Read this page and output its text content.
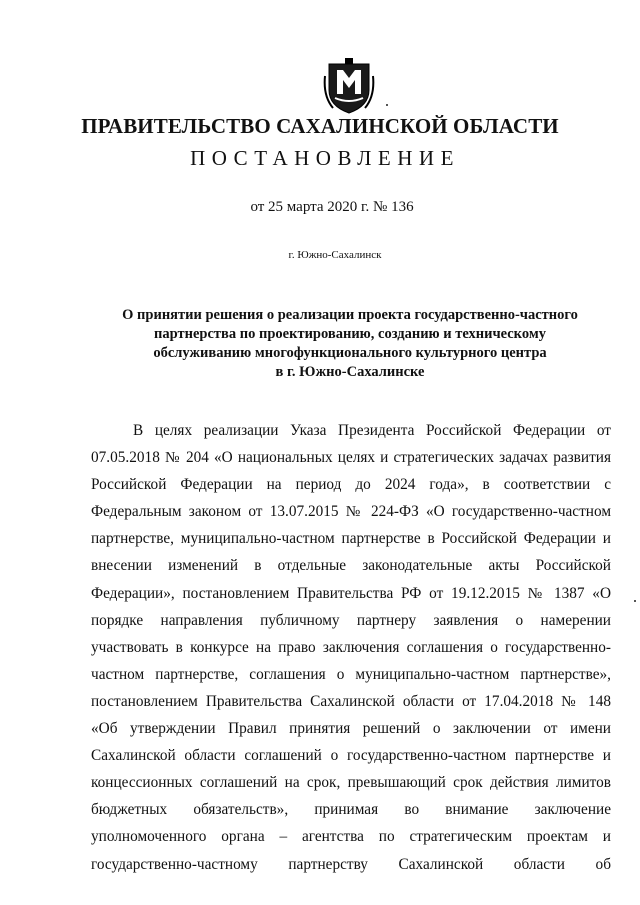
ПРАВИТЕЛЬСТВО САХАЛИНСКОЙ ОБЛАСТИ
ПОСТАНОВЛЕНИЕ
от 25 марта 2020 г. № 136
г. Южно-Сахалинск
О принятии решения о реализации проекта государственно-частного
партнерства по проектированию, созданию и техническому
обслуживанию многофункционального культурного центра
в г. Южно-Сахалинске
В целях реализации Указа Президента Российской Федерации от
07.05.2018 № 204 «О национальных целях и стратегических задачах развития
Российской Федерации на период до 2024 года», в соответствии с
Федеральным законом от 13.07.2015 № 224-ФЗ «О государственно-частном
партнерстве, муниципально-частном партнерстве в Российской Федерации и
внесении изменений в отдельные законодательные акты Российской
Федерации», постановлением Правительства РФ от 19.12.2015 № 1387 «О
порядке направления публичному партнеру заявления о намерении
участвовать в конкурсе на право заключения соглашения о государственно-
частном партнерстве, соглашения о муниципально-частном партнерстве»,
постановлением Правительства Сахалинской области от 17.04.2018 № 148
«Об утверждении Правил принятия решений о заключении от имени
Сахалинской области соглашений о государственно-частном партнерстве и
концессионных соглашений на срок, превышающий срок действия лимитов
бюджетных обязательств», принимая во внимание заключение
уполномоченного органа – агентства по стратегическим проектам и
государственно-частному партнерству Сахалинской области об
